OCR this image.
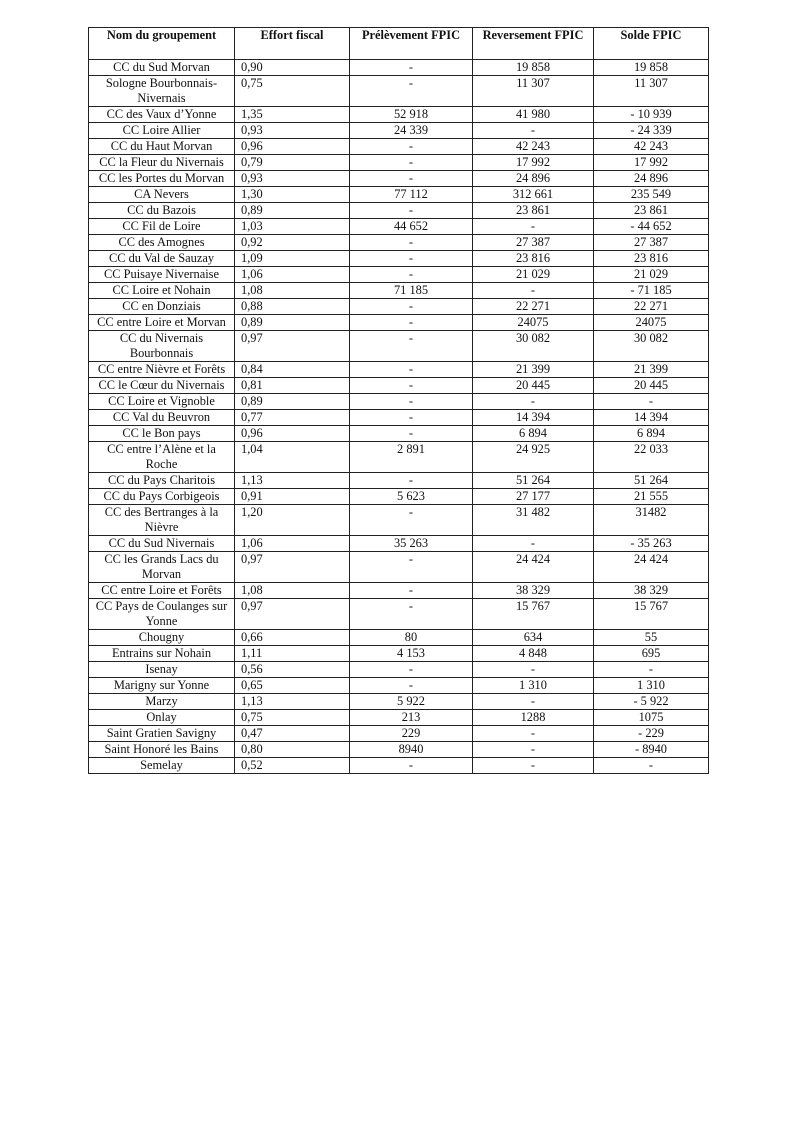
Nom du groupement	Effort fiscal	Prélèvement FPIC	Reversement FPIC	Solde FPIC
CC du Sud Morvan	0,90	-	19 858	19 858
Sologne Bourbonnais-Nivernais	0,75	-	11 307	11 307
CC des Vaux d’Yonne	1,35	52 918	41 980	- 10 939
CC Loire Allier	0,93	24 339	-	- 24 339
CC du Haut Morvan	0,96	-	42 243	42 243
CC la Fleur du Nivernais	0,79	-	17 992	17 992
CC les Portes du Morvan	0,93	-	24 896	24 896
CA Nevers	1,30	77 112	312 661	235 549
CC du Bazois	0,89	-	23 861	23 861
CC Fil de Loire	1,03	44 652	-	- 44 652
CC des Amognes	0,92	-	27 387	27 387
CC du Val de Sauzay	1,09	-	23 816	23 816
CC Puisaye Nivernaise	1,06	-	21 029	21 029
CC Loire et Nohain	1,08	71 185	-	- 71 185
CC en Donziais	0,88	-	22 271	22 271
CC entre Loire et Morvan	0,89	-	24075	24075
CC du Nivernais Bourbonnais	0,97	-	30 082	30 082
CC entre Nièvre et Forêts	0,84	-	21 399	21 399
CC le Cœur du Nivernais	0,81	-	20 445	20 445
CC Loire et Vignoble	0,89	-	-	-
CC Val du Beuvron	0,77	-	14 394	14 394
CC le Bon pays	0,96	-	6 894	6 894
CC entre l’Alène et la Roche	1,04	2 891	24 925	22 033
CC du Pays Charitois	1,13	-	51 264	51 264
CC du Pays Corbigeois	0,91	5 623	27 177	21 555
CC des Bertranges à la Nièvre	1,20	-	31 482	31482
CC du Sud Nivernais	1,06	35 263	-	- 35 263
CC les Grands Lacs du Morvan	0,97	-	24 424	24 424
CC entre Loire et Forêts	1,08	-	38 329	38 329
CC Pays de Coulanges sur Yonne	0,97	-	15 767	15 767
Chougny	0,66	80	634	55
Entrains sur Nohain	1,11	4 153	4 848	695
Isenay	0,56	-	-	-
Marigny sur Yonne	0,65	-	1 310	1 310
Marzy	1,13	5 922	-	- 5 922
Onlay	0,75	213	1288	1075
Saint Gratien Savigny	0,47	229	-	- 229
Saint Honoré les Bains	0,80	8940	-	- 8940
Semelay	0,52	-	-	-
